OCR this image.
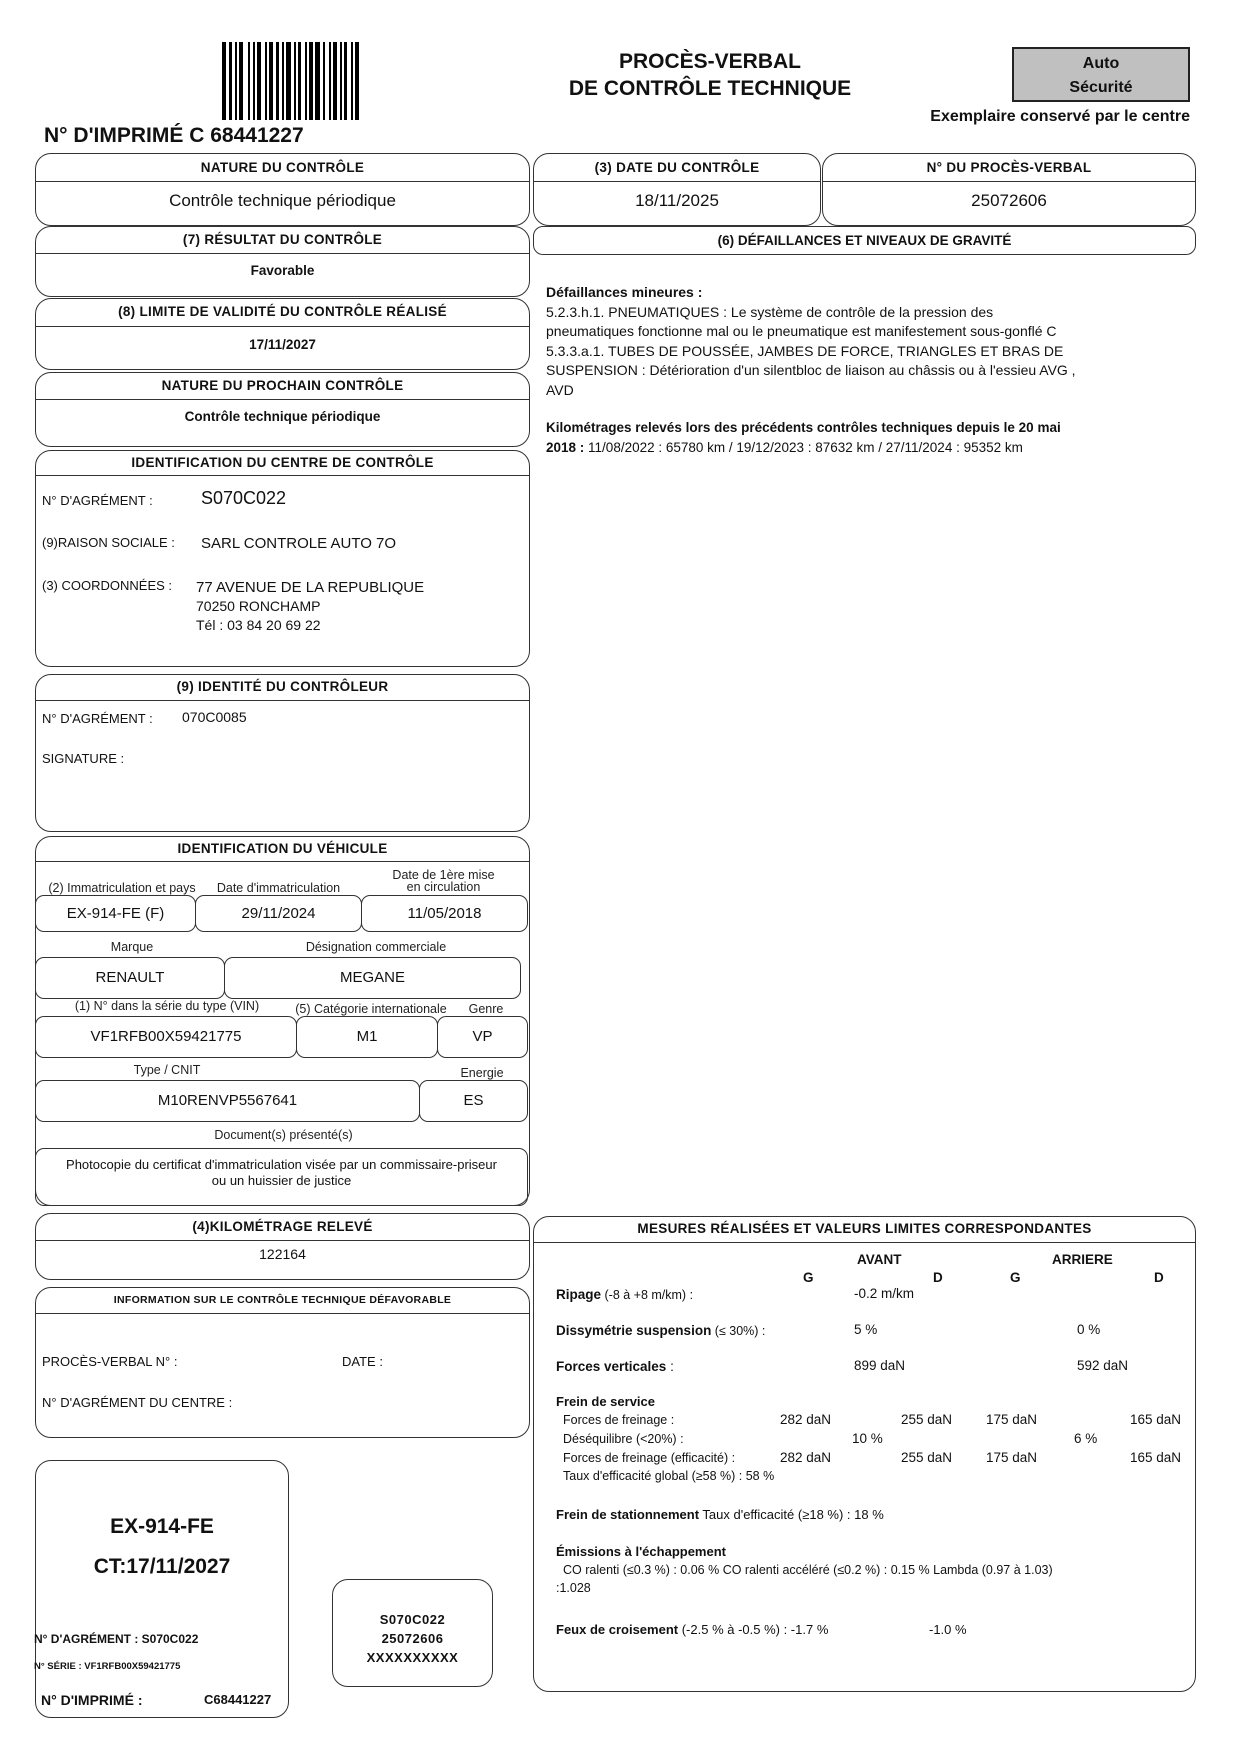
N° D'IMPRIMÉ C 68441227
PROCÈS-VERBAL
DE CONTRÔLE TECHNIQUE
Auto
Sécurité
Exemplaire conservé par le centre
NATURE DU CONTRÔLE
Contrôle technique périodique
(3) DATE DU CONTRÔLE
18/11/2025
N° DU PROCÈS-VERBAL
25072606
(7) RÉSULTAT DU CONTRÔLE
Favorable
(6) DÉFAILLANCES ET NIVEAUX DE GRAVITÉ
Défaillances mineures :
5.2.3.h.1. PNEUMATIQUES : Le système de contrôle de la pression des
pneumatiques fonctionne mal ou le pneumatique est manifestement sous-gonflé C
5.3.3.a.1. TUBES DE POUSSÉE, JAMBES DE FORCE, TRIANGLES ET BRAS DE
SUSPENSION : Détérioration d'un silentbloc de liaison au châssis ou à l'essieu AVG ,
AVD
Kilométrages relevés lors des précédents contrôles techniques depuis le 20 mai
2018 : 11/08/2022 : 65780 km / 19/12/2023 : 87632 km / 27/11/2024 : 95352 km
(8) LIMITE DE VALIDITÉ DU CONTRÔLE RÉALISÉ
17/11/2027
NATURE DU PROCHAIN CONTRÔLE
Contrôle technique périodique
IDENTIFICATION DU CENTRE DE CONTRÔLE
N° D'AGRÉMENT :	S070C022
(9)RAISON SOCIALE : SARL CONTROLE AUTO 7O
(3) COORDONNÉES : 77 AVENUE DE LA REPUBLIQUE
70250 RONCHAMP
Tél : 03 84 20 69 22
(9) IDENTITÉ DU CONTRÔLEUR
N° D'AGRÉMENT : 070C0085
SIGNATURE :
IDENTIFICATION DU VÉHICULE
(2) Immatriculation et pays	Date d'immatriculation
Date de 1ère mise
en circulation
EX-914-FE (F)	29/11/2024	11/05/2018
Marque	Désignation commerciale
RENAULT	MEGANE
(1) N° dans la série du type (VIN)	(5) Catégorie internationale	Genre
VF1RFB00X59421775	M1	VP
Type / CNIT	Energie
M10RENVP5567641	ES
Document(s) présenté(s)
Photocopie du certificat d'immatriculation visée par un commissaire-priseur
ou un huissier de justice
(4)KILOMÉTRAGE RELEVÉ
122164
INFORMATION SUR LE CONTRÔLE TECHNIQUE DÉFAVORABLE
PROCÈS-VERBAL N° :	DATE :
N° D'AGRÉMENT DU CENTRE :
EX-914-FE
CT:17/11/2027
N° D'AGRÉMENT : S070C022
N° SÉRIE : VF1RFB00X59421775
N° D'IMPRIMÉ :	C68441227
S070C022
25072606
XXXXXXXXXX
MESURES RÉALISÉES ET VALEURS LIMITES CORRESPONDANTES
AVANT	ARRIERE
G	D	G	D
Ripage (-8 à +8 m/km) :	-0.2 m/km
Dissymétrie suspension (≤ 30%) :	5 %	0 %
Forces verticales :	899 daN	592 daN
Frein de service
Forces de freinage :	282 daN	255 daN	175 daN	165 daN
Déséquilibre (<20%) :	10 %	6 %
Forces de freinage (efficacité) :	282 daN	255 daN	175 daN	165 daN
Taux d'efficacité global (≥58 %) : 58 %
Frein de stationnement Taux d'efficacité (≥18 %) : 18 %
Émissions à l'échappement
CO ralenti (≤0.3 %) : 0.06 % CO ralenti accéléré (≤0.2 %) : 0.15 % Lambda (0.97 à 1.03)
:1.028
Feux de croisement (-2.5 % à -0.5 %) : -1.7 %	-1.0 %
